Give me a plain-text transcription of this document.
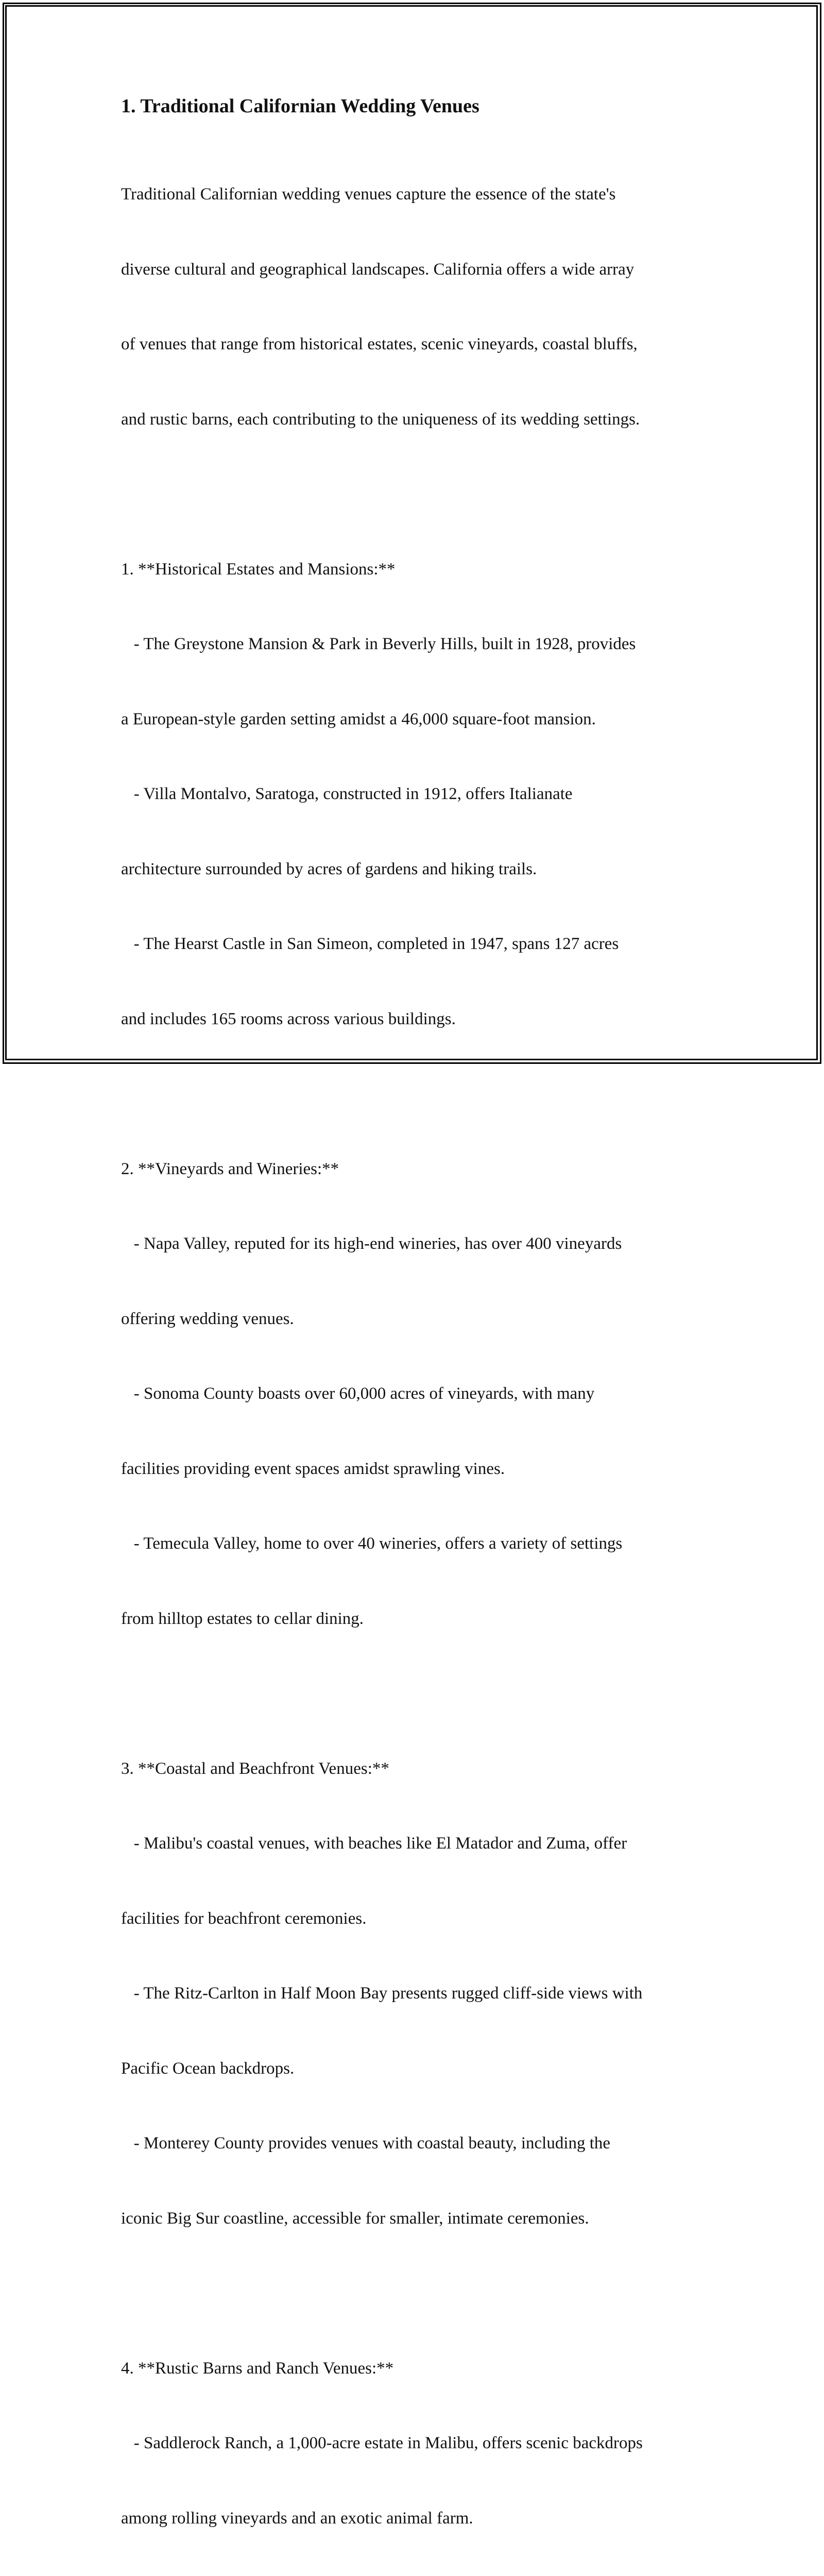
1. Traditional Californian Wedding Venues

Traditional Californian wedding venues capture the essence of the state's

diverse cultural and geographical landscapes. California offers a wide array

of venues that range from historical estates, scenic vineyards, coastal bluffs,

and rustic barns, each contributing to the uniqueness of its wedding settings.

1. **Historical Estates and Mansions:**

- The Greystone Mansion & Park in Beverly Hills, built in 1928, provides

a European-style garden setting amidst a 46,000 square-foot mansion.

- Villa Montalvo, Saratoga, constructed in 1912, offers Italianate

architecture surrounded by acres of gardens and hiking trails.

- The Hearst Castle in San Simeon, completed in 1947, spans 127 acres

and includes 165 rooms across various buildings.

2. **Vineyards and Wineries:**

- Napa Valley, reputed for its high-end wineries, has over 400 vineyards

offering wedding venues.

- Sonoma County boasts over 60,000 acres of vineyards, with many

facilities providing event spaces amidst sprawling vines.

- Temecula Valley, home to over 40 wineries, offers a variety of settings

from hilltop estates to cellar dining.

3. **Coastal and Beachfront Venues:**

- Malibu's coastal venues, with beaches like El Matador and Zuma, offer

facilities for beachfront ceremonies.

- The Ritz-Carlton in Half Moon Bay presents rugged cliff-side views with

Pacific Ocean backdrops.

- Monterey County provides venues with coastal beauty, including the

iconic Big Sur coastline, accessible for smaller, intimate ceremonies.

4. **Rustic Barns and Ranch Venues:**

- Saddlerock Ranch, a 1,000-acre estate in Malibu, offers scenic backdrops

among rolling vineyards and an exotic animal farm.
